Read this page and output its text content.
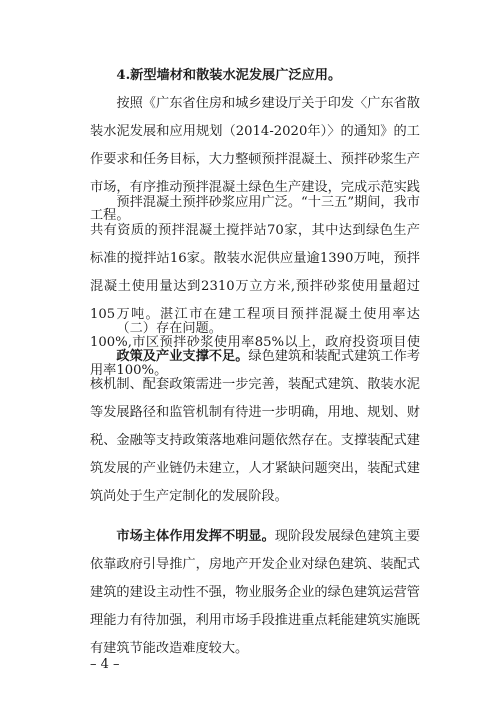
4.新型墙材和散装水泥发展广泛应用。
按照《广东省住房和城乡建设厅关于印发〈广东省散装水泥发展和应用规划（2014-2020年）〉的通知》的工作要求和任务目标，大力整顿预拌混凝土、预拌砂浆生产市场，有序推动预拌混凝土绿色生产建设，完成示范实践工程。
预拌混凝土预拌砂浆应用广泛。“十三五”期间，我市共有资质的预拌混凝土搅拌站70家，其中达到绿色生产标准的搅拌站16家。散装水泥供应量逾1390万吨，预拌混凝土使用量达到2310万立方米,预拌砂浆使用量超过105万吨。湛江市在建工程项目预拌混凝土使用率达100%,市区预拌砂浆使用率85%以上，政府投资项目使用率100%。
（二）存在问题。
政策及产业支撑不足。绿色建筑和装配式建筑工作考核机制、配套政策需进一步完善，装配式建筑、散装水泥等发展路径和监管机制有待进一步明确，用地、规划、财税、金融等支持政策落地难问题依然存在。支撑装配式建筑发展的产业链仍未建立，人才紧缺问题突出，装配式建筑尚处于生产定制化的发展阶段。
市场主体作用发挥不明显。现阶段发展绿色建筑主要依靠政府引导推广，房地产开发企业对绿色建筑、装配式建筑的建设主动性不强，物业服务企业的绿色建筑运营管理能力有待加强，利用市场手段推进重点耗能建筑实施既有建筑节能改造难度较大。
– 4 –
